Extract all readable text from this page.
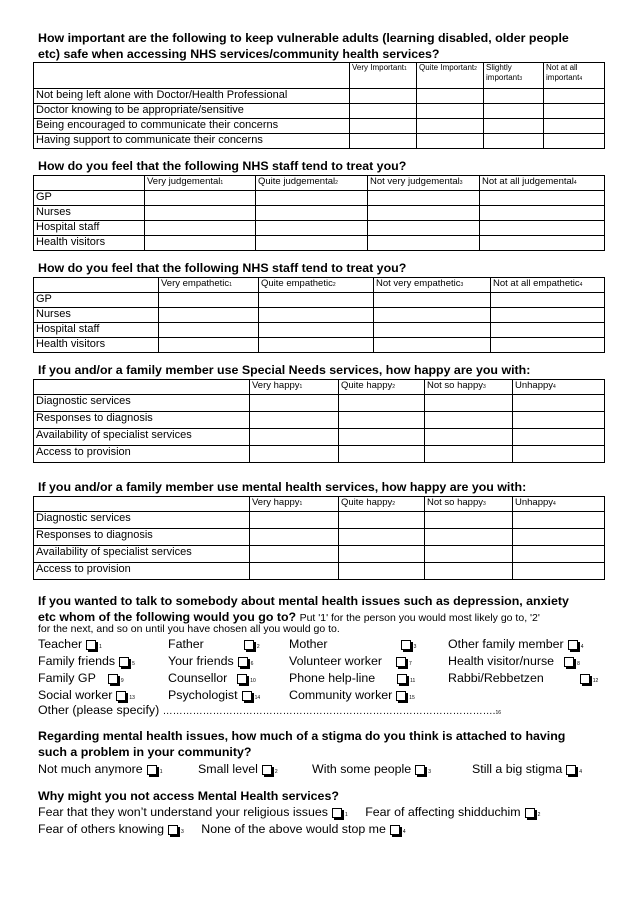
How important are the following to keep vulnerable adults (learning disabled, older people
etc) safe when accessing NHS services/community health services?
	Very Important1	Quite Important2	Slightly important3	Not at all important4
Not being left alone with Doctor/Health Professional				
Doctor knowing to be appropriate/sensitive				
Being encouraged to communicate their concerns				
Having support to communicate their concerns				
How do you feel that the following NHS staff tend to treat you?
	Very judgemental1	Quite judgemental2	Not very judgemental3	Not at all judgemental4
GP				
Nurses				
Hospital staff				
Health visitors				
How do you feel that the following NHS staff tend to treat you?
	Very empathetic1	Quite empathetic2	Not very empathetic3	Not at all empathetic4
GP				
Nurses				
Hospital staff				
Health visitors				
If you and/or a family member use Special Needs services, how happy are you with:
	Very happy1	Quite happy2	Not so happy3	Unhappy4
Diagnostic services				
Responses to diagnosis				
Availability of specialist services				
Access to provision				
If you and/or a family member use mental health services, how happy are you with:
	Very happy1	Quite happy2	Not so happy3	Unhappy4
Diagnostic services				
Responses to diagnosis				
Availability of specialist services				
Access to provision				
If you wanted to talk to somebody about mental health issues such as depression, anxiety
etc whom of the following would you go to? Put '1' for the person you would most likely go to, '2'
for the next, and so on until you have chosen all you would go to.
Teacher	1	Father	2 Mother	3	Other family member	4
Family friends	5	Your friends	6	Volunteer worker	7	Health visitor/nurse	8
Family GP	9	Counsellor	10	Phone help-line	11	Rabbi/Rebbetzen	12
Social worker	13	Psychologist	14 Community worker	15
Other (please specify) ……………………………………………………………………………………….16
Regarding mental health issues, how much of a stigma do you think is attached to having
such a problem in your community?
Not much anymore	1	Small level	2	With some people	3	Still a big stigma	4
Why might you not access Mental Health services?
Fear that they won’t understand your religious issues	1 Fear of affecting shidduchim	2
Fear of others knowing	3 None of the above would stop me	4
